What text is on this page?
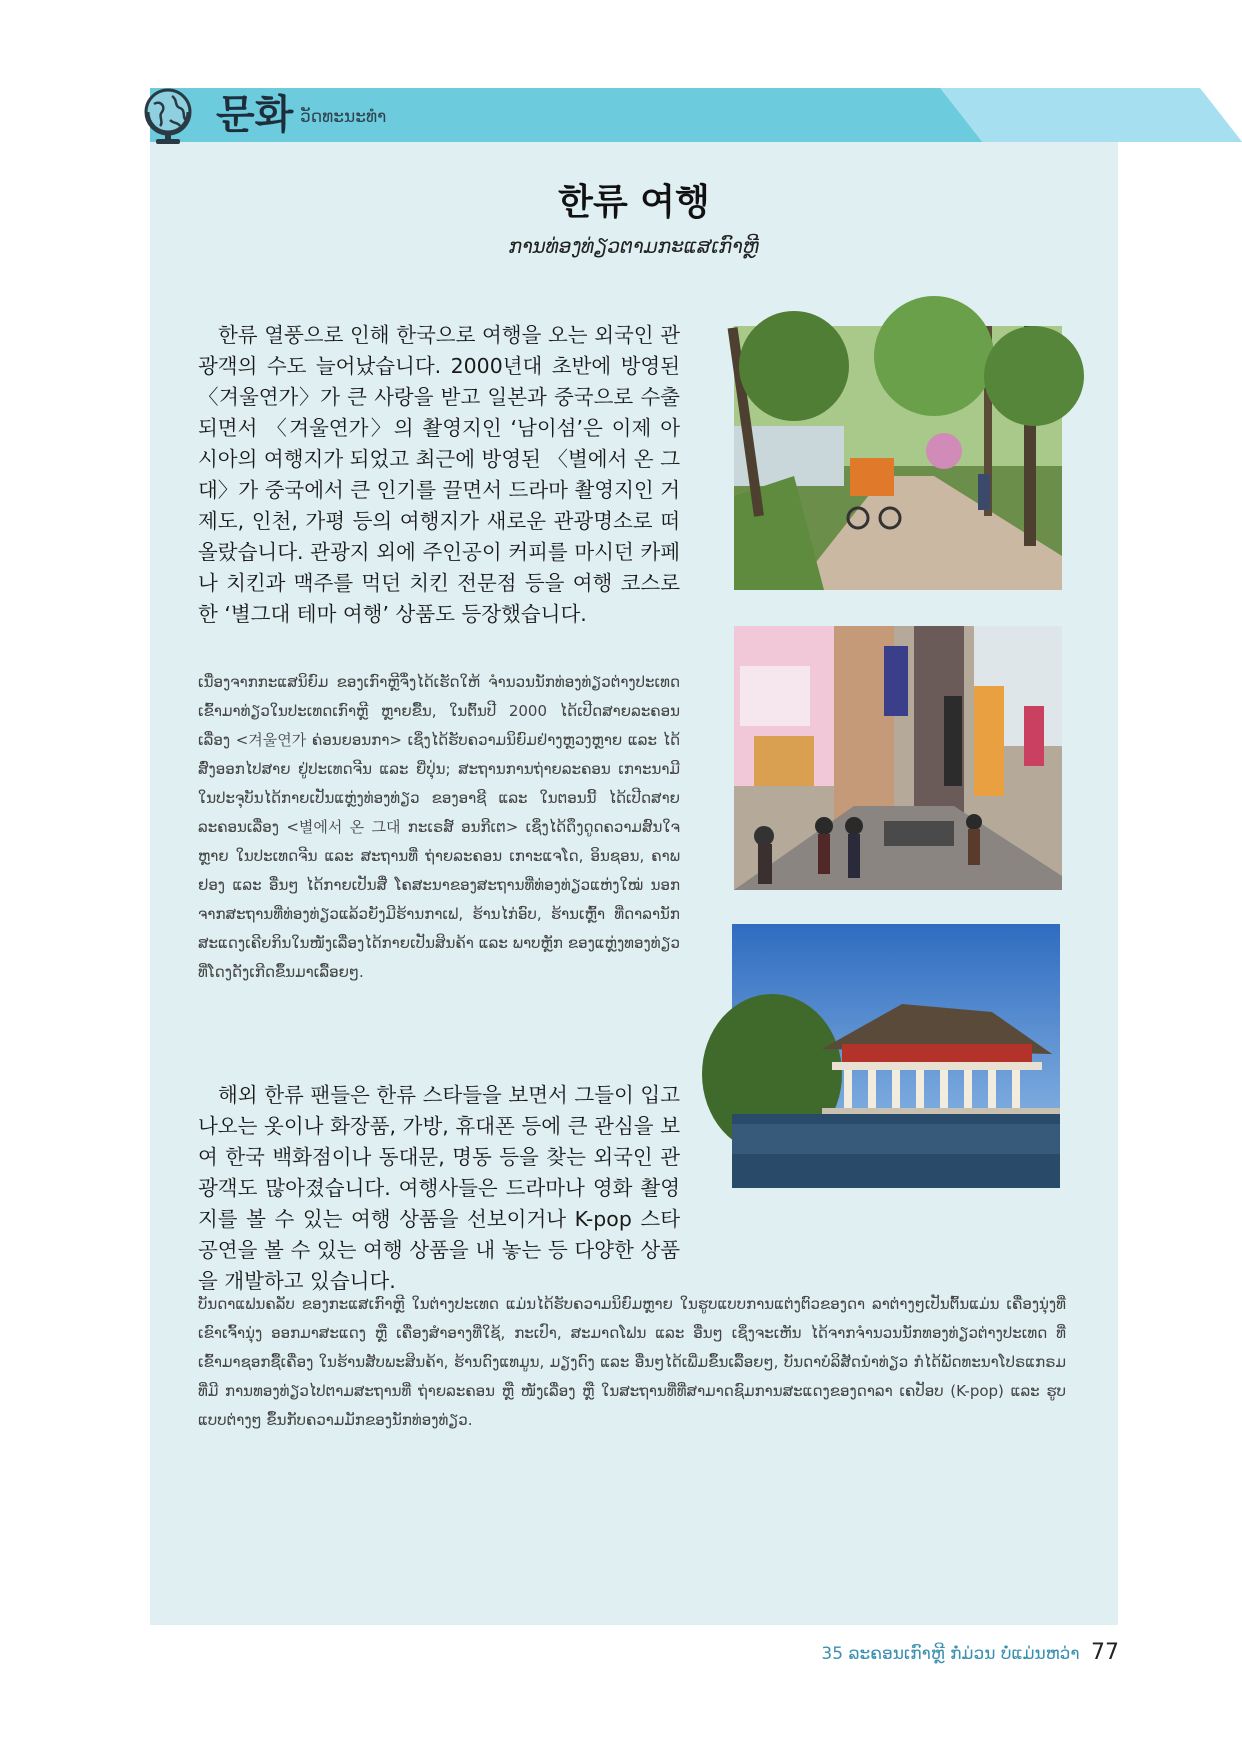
문화 ວັດທະນະທຳ
한류 여행
ການທ່ອງທ່ຽວຕາມກະແສເກົາຫຼີ
한류 열풍으로 인해 한국으로 여행을 오는 외국인 관광객의 수도 늘어났습니다. 2000년대 초반에 방영된 〈겨울연가〉가 큰 사랑을 받고 일본과 중국으로 수출되면서 〈겨울연가〉의 촬영지인 ‘남이섬’은 이제 아시아의 여행지가 되었고 최근에 방영된 〈별에서 온 그대〉가 중국에서 큰 인기를 끌면서 드라마 촬영지인 거제도, 인천, 가평 등의 여행지가 새로운 관광명소로 떠올랐습니다. 관광지 외에 주인공이 커피를 마시던 카페나 치킨과 맥주를 먹던 치킨 전문점 등을 여행 코스로 한 ‘별그대 테마 여행’ 상품도 등장했습니다.
ເນື່ອງຈາກກະແສນິຍົມ ຂອງເກົາຫຼີຈຶ່ງໄດ້ເຮັດໃຫ້ ຈຳນວນນັກທ່ອງທ່ຽວຕ່າງປະເທດ ເຂົ້າມາທ່ຽວໃນປະເທດເກົາຫຼີ ຫຼາຍຂື້ນ, ໃນຕົ້ນປີ 2000 ໄດ້ເປີດສາຍລະຄອນເລື່ອງ <겨울연가 ຄ່ອນຍອນກາ> ເຊິ່ງໄດ້ຮັບຄວາມນິຍົມຢ່າງຫຼວງຫຼາຍ ແລະ ໄດ້ສົ່ງອອກໄປສາຍ ຢູ່ປະເທດຈີນ ແລະ ຍີ່ປຸ່ນ; ສະຖານການຖ່າຍລະຄອນ ເກາະນາມີ ໃນປະຈຸບັນໄດ້ກາຍເປັນແຫຼ່ງທ່ອງທ່ຽວ ຂອງອາຊີ ແລະ ໃນຕອນນີ້ ໄດ້ເປີດສາຍລະຄອນເລື່ອງ <별에서 온 그대 ກະເຣສ໌ ອນກີເຕ> ເຊິ່ງໄດ້ດຶງດູດຄວາມສົນໃຈຫຼາຍ ໃນປະເທດຈີນ ແລະ ສະຖານທີ່ ຖ່າຍລະຄອນ ເກາະແຈໂດ, ອິນຊອນ, ຄາພຢອງ ແລະ ອື່ນໆ ໄດ້ກາຍເປັນສື່ ໂຄສະນາຂອງສະຖານທີ່ທ່ອງທ່ຽວແຫ່ງໃໝ່ ນອກ ຈາກສະຖານທີ່ທ່ອງທ່ຽວແລ້ວຍັງມີຮ້ານກາເຟ, ຮ້ານໄກ່ອົບ, ຮ້ານເຫຼົ້າ ທີ່ດາລານັກສະແດງເຄີຍກິນໃນໜັງເລື່ອງໄດ້ກາຍເປັນສິນຄ້າ ແລະ ພາບຫຼັກ ຂອງແຫຼ່ງທອງທ່ຽວທີ່ໂດງດັງເກີດຂຶ້ນມາເລື້ອຍໆ.
해외 한류 팬들은 한류 스타들을 보면서 그들이 입고 나오는 옷이나 화장품, 가방, 휴대폰 등에 큰 관심을 보여 한국 백화점이나 동대문, 명동 등을 찾는 외국인 관광객도 많아졌습니다. 여행사들은 드라마나 영화 촬영지를 볼 수 있는 여행 상품을 선보이거나 K-pop 스타 공연을 볼 수 있는 여행 상품을 내 놓는 등 다양한 상품을 개발하고 있습니다.
ບັນດາແຟນຄລັບ ຂອງກະແສເກົາຫຼີ ໃນຕ່າງປະເທດ ແມ່ນໄດ້ຮັບຄວາມນິຍົມຫຼາຍ ໃນຮູບແບບການແຕ່ງຕົວຂອງດາ ລາຕ່າງໆເປັນຕົ້ນແມ່ນ ເຄື່ອງນຸ່ງທີ່ເຂົາເຈົ້ານຸ່ງ ອອກມາສະແດງ ຫຼື ເຄື່ອງສຳອາງທີ່ໃຊ້, ກະເປົາ, ສະມາດໂຟນ ແລະ ອື່ນໆ ເຊິ່ງຈະເຫັນ ໄດ້ຈາກຈຳນວນນັກທອງທ່ຽວຕ່າງປະເທດ ທີ່ເຂົ້າມາຊອກຊື້ເຄື່ອງ ໃນຮ້ານສັບພະສິນຄ້າ, ຮ້ານດົງແທມູນ, ມຽງດົງ ແລະ ອື່ນໆໄດ້ເພີ່ມຂຶ້ນເລື້ອຍໆ, ບັນດາບໍລິສັດນຳທ່ຽວ ກໍໄດ້ພັດທະນາໂປຣແກຣມ ທີ່ມີ ການທອງທ່ຽວໄປຕາມສະຖານທີ່ ຖ່າຍລະຄອນ ຫຼື ໜັງເລື່ອງ ຫຼື ໃນສະຖານທີ່ທີ່ສາມາດຊົມການສະແດງຂອງດາລາ ເຄປັອບ (K-pop) ແລະ ຮູບແບບຕ່າງໆ ຂຶ້ນກັບຄວາມມັກຂອງນັກທ່ອງທ່ຽວ.
35 ລະຄອນເກົາຫຼີ ກໍ່ມ່ວນ ບໍ່ແມ່ນຫວ່າ 77
